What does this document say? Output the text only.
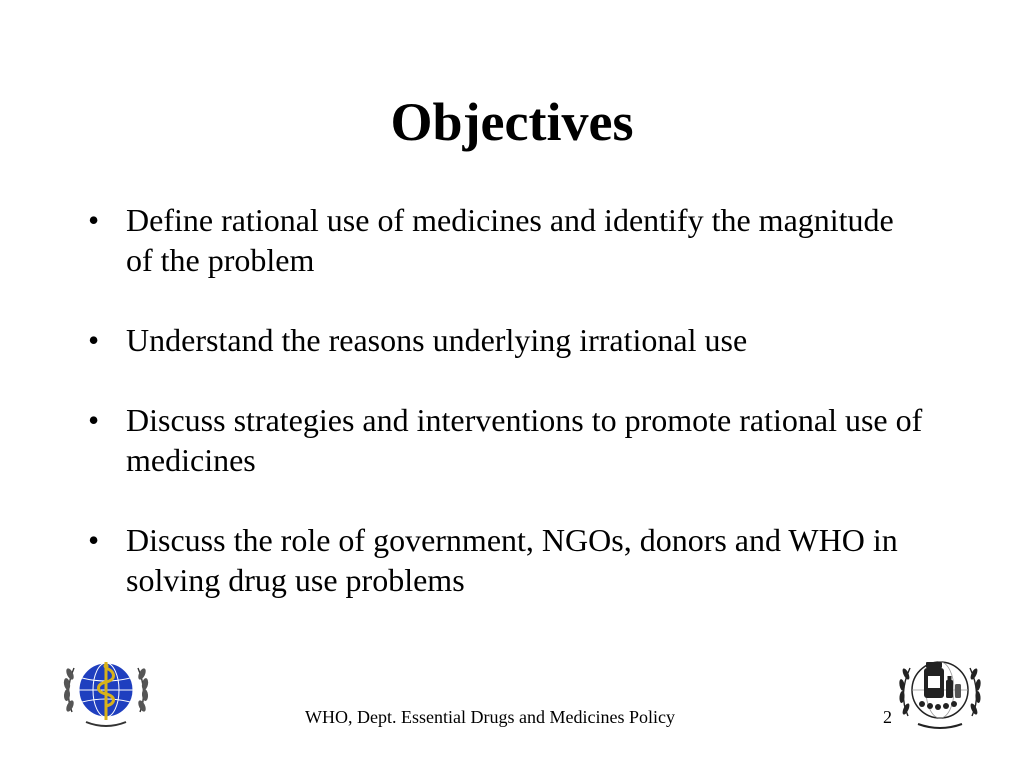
Objectives
• Define rational use of medicines and identify the magnitude of the problem
• Understand the reasons underlying irrational use
• Discuss strategies and interventions to promote rational use of medicines
• Discuss the role of government, NGOs, donors and WHO in solving drug use problems
WHO, Dept. Essential Drugs and Medicines Policy	2
